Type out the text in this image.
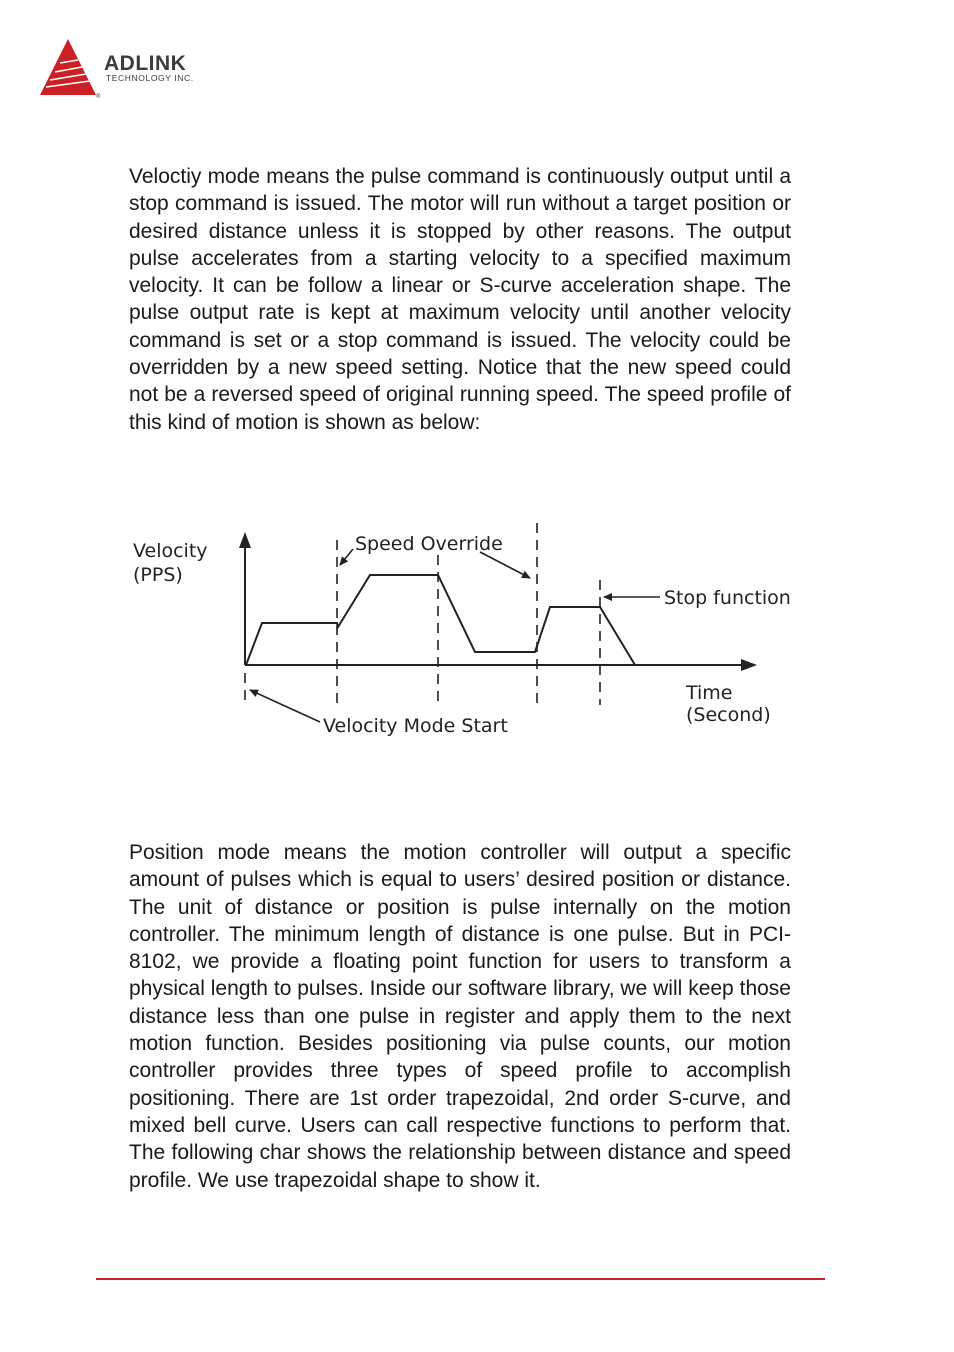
®
ADLINK
TECHNOLOGY INC.

Veloctiy mode means the pulse command is continuously output until a stop command is issued. The motor will run without a target position or desired distance unless it is stopped by other reasons. The output pulse accelerates from a starting velocity to a specified maximum velocity. It can be follow a linear or S-curve acceleration shape. The pulse output rate is kept at maximum velocity until another velocity command is set or a stop command is issued. The velocity could be overridden by a new speed setting. Notice that the new speed could not be a reversed speed of original running speed. The speed profile of this kind of motion is shown as below:

Velocity
(PPS)
Speed Override
Stop function
Time
(Second)
Velocity Mode Start

Position mode means the motion controller will output a specific amount of pulses which is equal to users’ desired position or distance. The unit of distance or position is pulse internally on the motion controller. The minimum length of distance is one pulse. But in PCI-8102, we provide a floating point function for users to transform a physical length to pulses. Inside our software library, we will keep those distance less than one pulse in register and apply them to the next motion function. Besides positioning via pulse counts, our motion controller provides three types of speed profile to accomplish positioning. There are 1st order trapezoidal, 2nd order S-curve, and mixed bell curve. Users can call respective functions to perform that. The following char shows the relationship between distance and speed profile. We use trapezoidal shape to show it.
